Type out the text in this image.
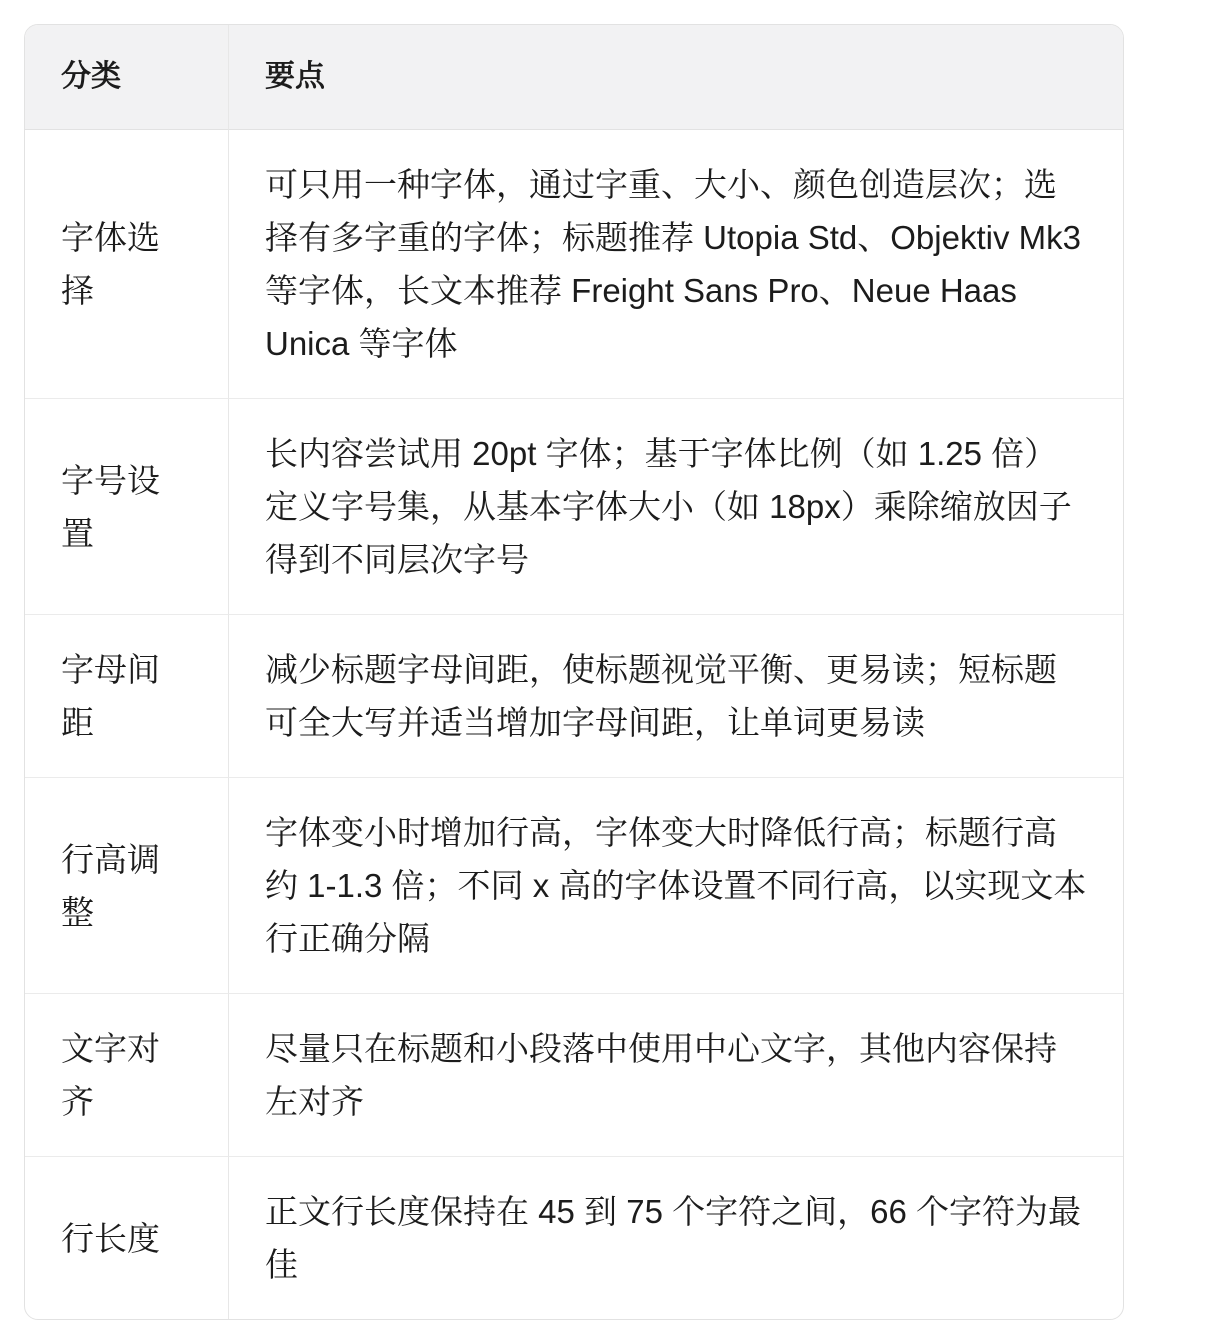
分类	要点
字体选择	可只用一种字体，通过字重、大小、颜色创造层次；选择有多字重的字体；标题推荐 Utopia Std、Objektiv Mk3 等字体，长文本推荐 Freight Sans Pro、Neue Haas Unica 等字体
字号设置	长内容尝试用 20pt 字体；基于字体比例（如 1.25 倍）定义字号集，从基本字体大小（如 18px）乘除缩放因子得到不同层次字号
字母间距	减少标题字母间距，使标题视觉平衡、更易读；短标题可全大写并适当增加字母间距，让单词更易读
行高调整	字体变小时增加行高，字体变大时降低行高；标题行高约 1-1.3 倍；不同 x 高的字体设置不同行高，以实现文本行正确分隔
文字对齐	尽量只在标题和小段落中使用中心文字，其他内容保持左对齐
行长度	正文行长度保持在 45 到 75 个字符之间，66 个字符为最佳
